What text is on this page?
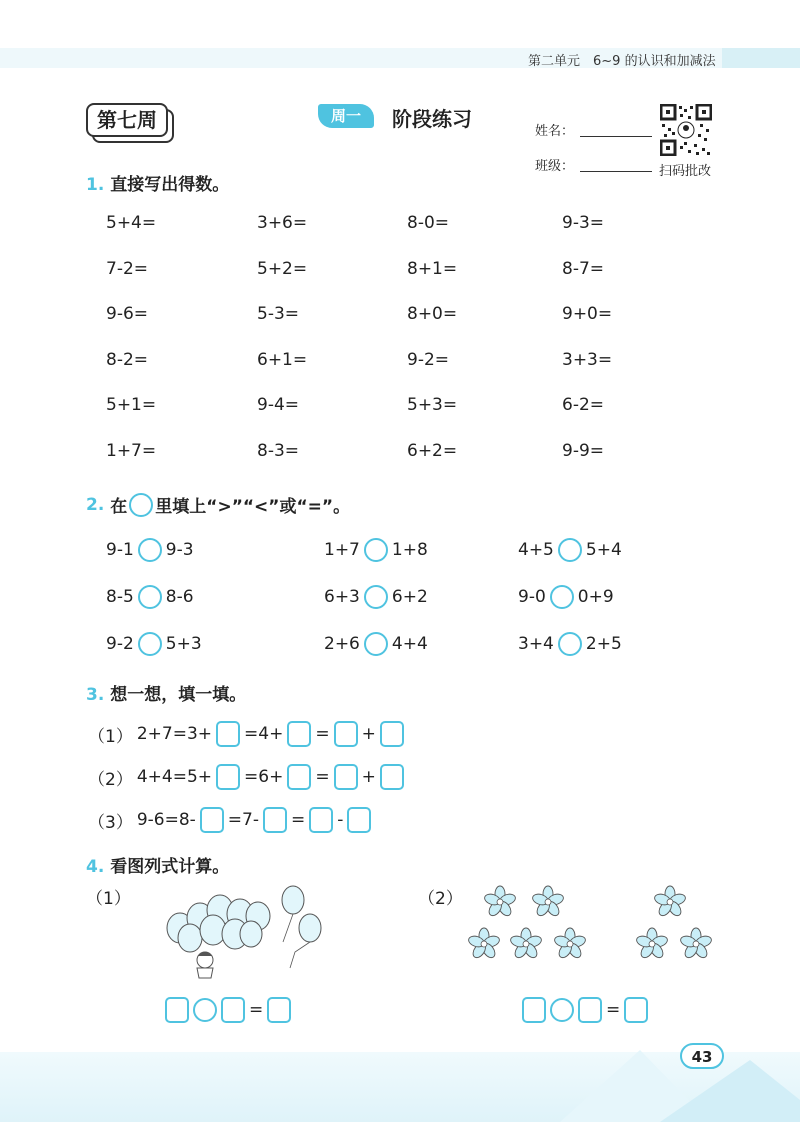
第二单元　6~9 的认识和加减法
第七周	周一	阶段练习
姓名：
班级：	扫码批改
1. 直接写出得数。
5+4=	3+6=	8-0=	9-3=
7-2=	5+2=	8+1=	8-7=
9-6=	5-3=	8+0=	9+0=
8-2=	6+1=	9-2=	3+3=
5+1=	9-4=	5+3=	6-2=
1+7=	8-3=	6+2=	9-9=
2. 在 里填上“>”“<”或“=”。
9-1 9-3	1+7 1+8	4+5 5+4
8-5 8-6	6+3 6+2	9-0 0+9
9-2 5+3	2+6 4+4	3+4 2+5
3. 想一想，填一填。
（1） 2+7=3+ =4+ = +
（2） 4+4=5+ =6+ = +
（3） 9-6=8- =7- = -
4. 看图列式计算。
（1）	（2）
=	=
43
